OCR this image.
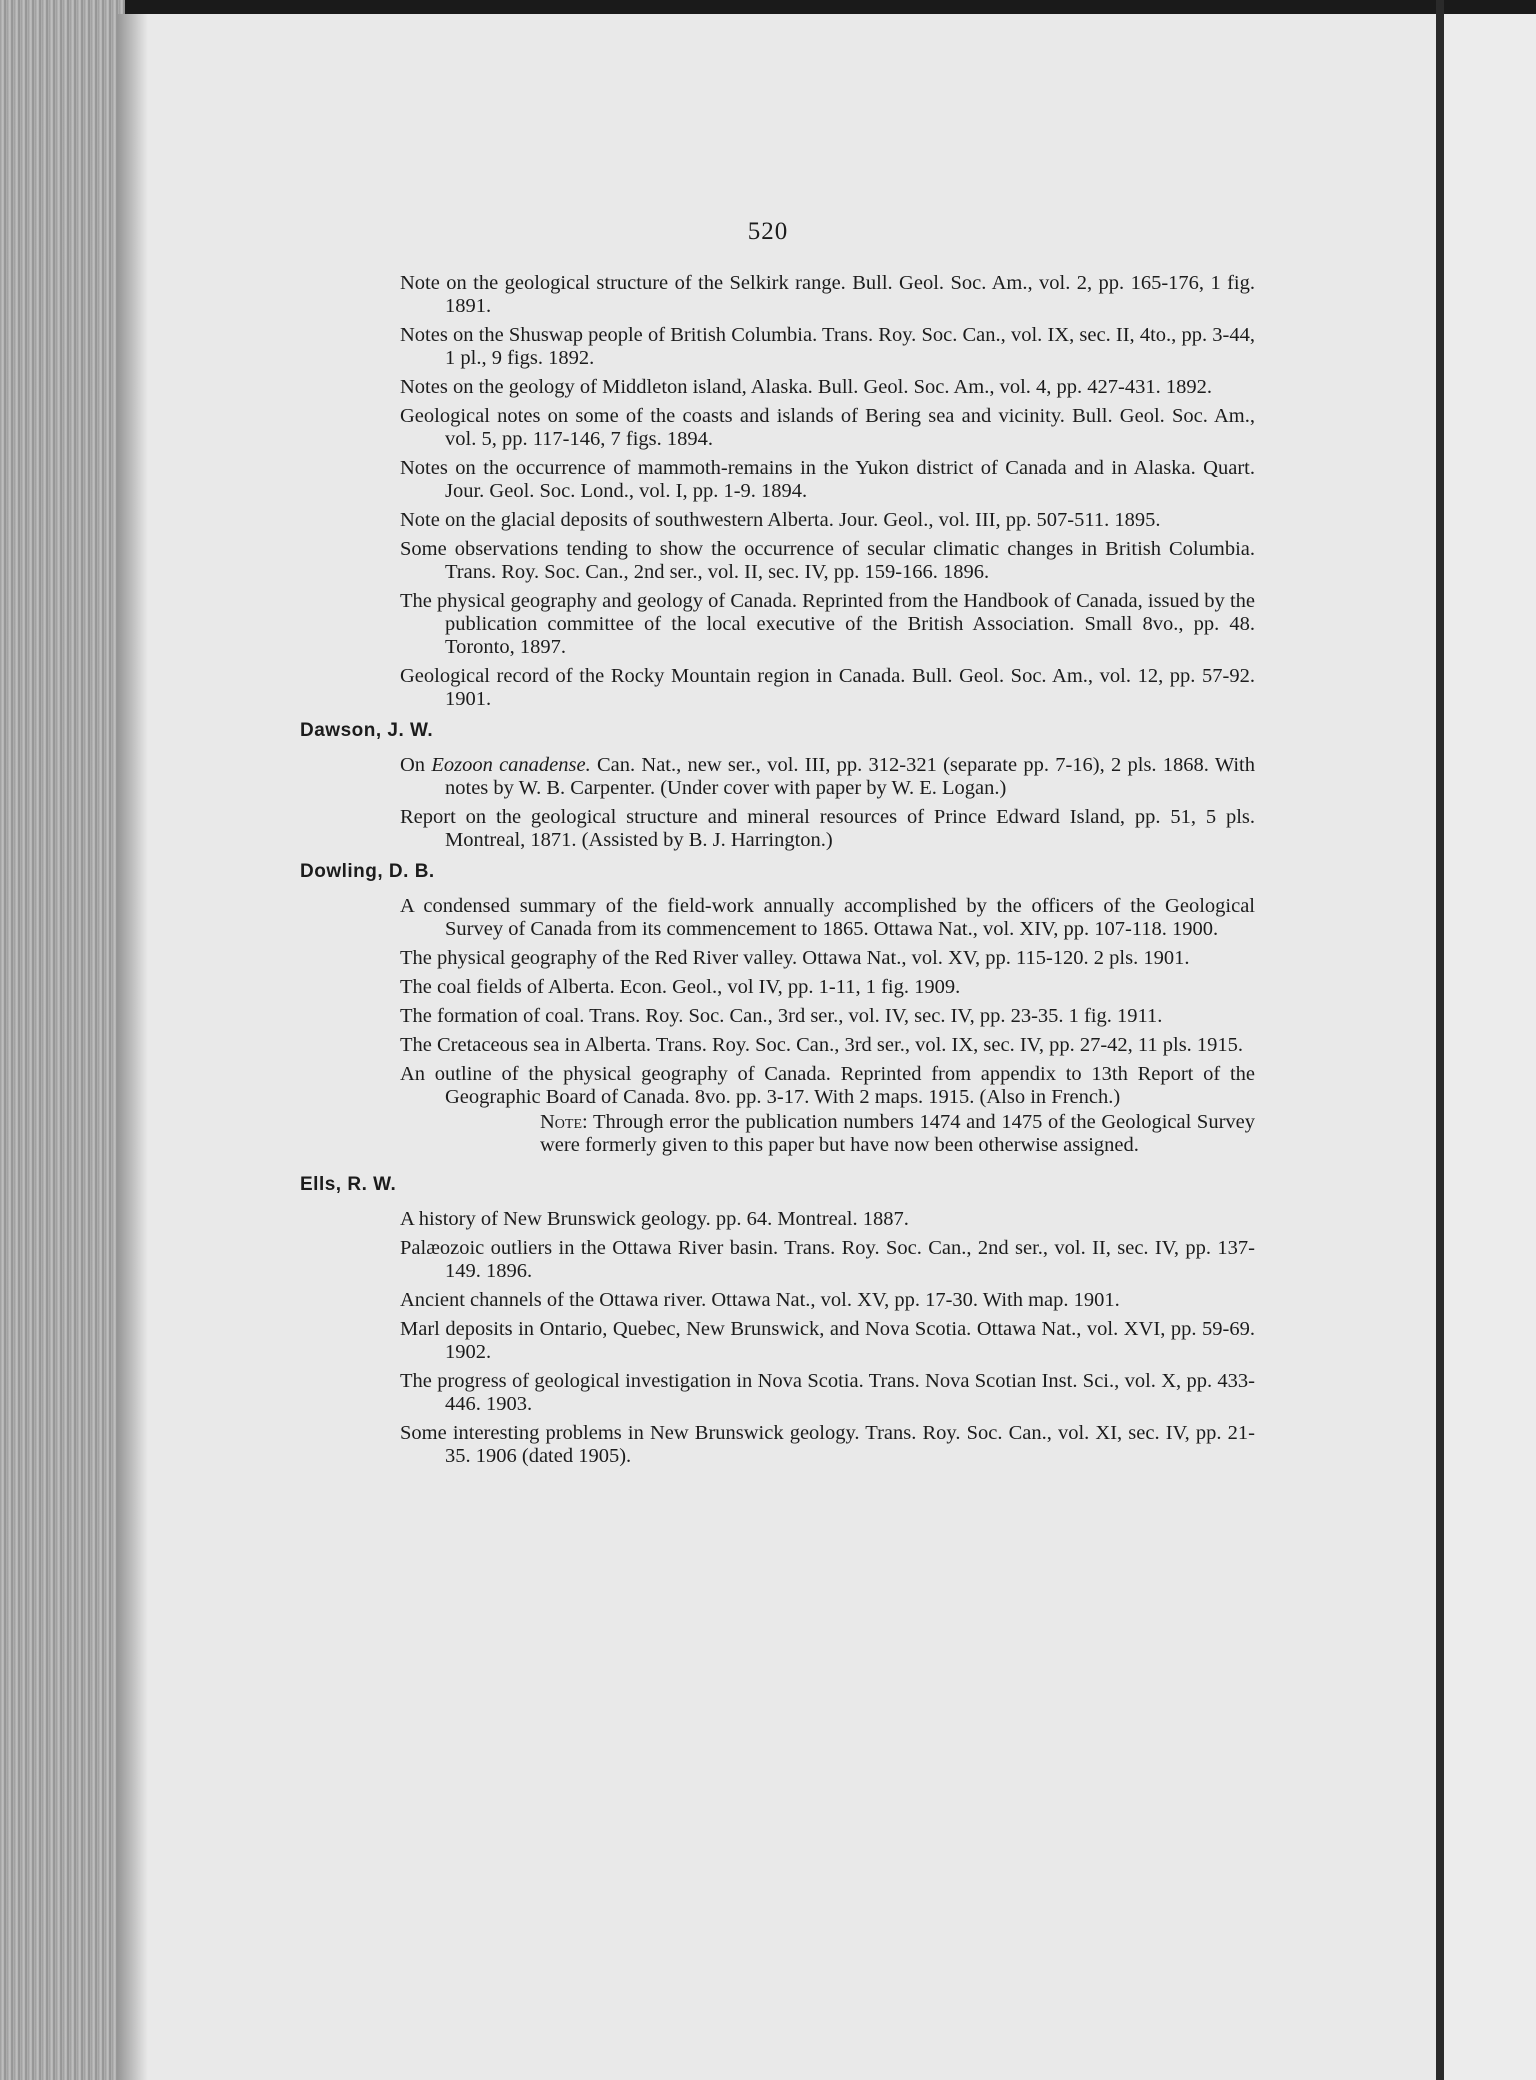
520
Note on the geological structure of the Selkirk range. Bull. Geol. Soc. Am., vol. 2, pp. 165-176, 1 fig. 1891.
Notes on the Shuswap people of British Columbia. Trans. Roy. Soc. Can., vol. IX, sec. II, 4to., pp. 3-44, 1 pl., 9 figs. 1892.
Notes on the geology of Middleton island, Alaska. Bull. Geol. Soc. Am., vol. 4, pp. 427-431. 1892.
Geological notes on some of the coasts and islands of Bering sea and vicinity. Bull. Geol. Soc. Am., vol. 5, pp. 117-146, 7 figs. 1894.
Notes on the occurrence of mammoth-remains in the Yukon district of Canada and in Alaska. Quart. Jour. Geol. Soc. Lond., vol. I, pp. 1-9. 1894.
Note on the glacial deposits of southwestern Alberta. Jour. Geol., vol. III, pp. 507-511. 1895.
Some observations tending to show the occurrence of secular climatic changes in British Columbia. Trans. Roy. Soc. Can., 2nd ser., vol. II, sec. IV, pp. 159-166. 1896.
The physical geography and geology of Canada. Reprinted from the Handbook of Canada, issued by the publication committee of the local executive of the British Association. Small 8vo., pp. 48. Toronto, 1897.
Geological record of the Rocky Mountain region in Canada. Bull. Geol. Soc. Am., vol. 12, pp. 57-92. 1901.
Dawson, J. W.
On Eozoon canadense. Can. Nat., new ser., vol. III, pp. 312-321 (separate pp. 7-16), 2 pls. 1868. With notes by W. B. Carpenter. (Under cover with paper by W. E. Logan.)
Report on the geological structure and mineral resources of Prince Edward Island, pp. 51, 5 pls. Montreal, 1871. (Assisted by B. J. Harrington.)
Dowling, D. B.
A condensed summary of the field-work annually accomplished by the officers of the Geological Survey of Canada from its commencement to 1865. Ottawa Nat., vol. XIV, pp. 107-118. 1900.
The physical geography of the Red River valley. Ottawa Nat., vol. XV, pp. 115-120. 2 pls. 1901.
The coal fields of Alberta. Econ. Geol., vol IV, pp. 1-11, 1 fig. 1909.
The formation of coal. Trans. Roy. Soc. Can., 3rd ser., vol. IV, sec. IV, pp. 23-35. 1 fig. 1911.
The Cretaceous sea in Alberta. Trans. Roy. Soc. Can., 3rd ser., vol. IX, sec. IV, pp. 27-42, 11 pls. 1915.
An outline of the physical geography of Canada. Reprinted from appendix to 13th Report of the Geographic Board of Canada. 8vo. pp. 3-17. With 2 maps. 1915. (Also in French.)
Note: Through error the publication numbers 1474 and 1475 of the Geological Survey were formerly given to this paper but have now been otherwise assigned.
Ells, R. W.
A history of New Brunswick geology. pp. 64. Montreal. 1887.
Palæozoic outliers in the Ottawa River basin. Trans. Roy. Soc. Can., 2nd ser., vol. II, sec. IV, pp. 137-149. 1896.
Ancient channels of the Ottawa river. Ottawa Nat., vol. XV, pp. 17-30. With map. 1901.
Marl deposits in Ontario, Quebec, New Brunswick, and Nova Scotia. Ottawa Nat., vol. XVI, pp. 59-69. 1902.
The progress of geological investigation in Nova Scotia. Trans. Nova Scotian Inst. Sci., vol. X, pp. 433-446. 1903.
Some interesting problems in New Brunswick geology. Trans. Roy. Soc. Can., vol. XI, sec. IV, pp. 21-35. 1906 (dated 1905).
